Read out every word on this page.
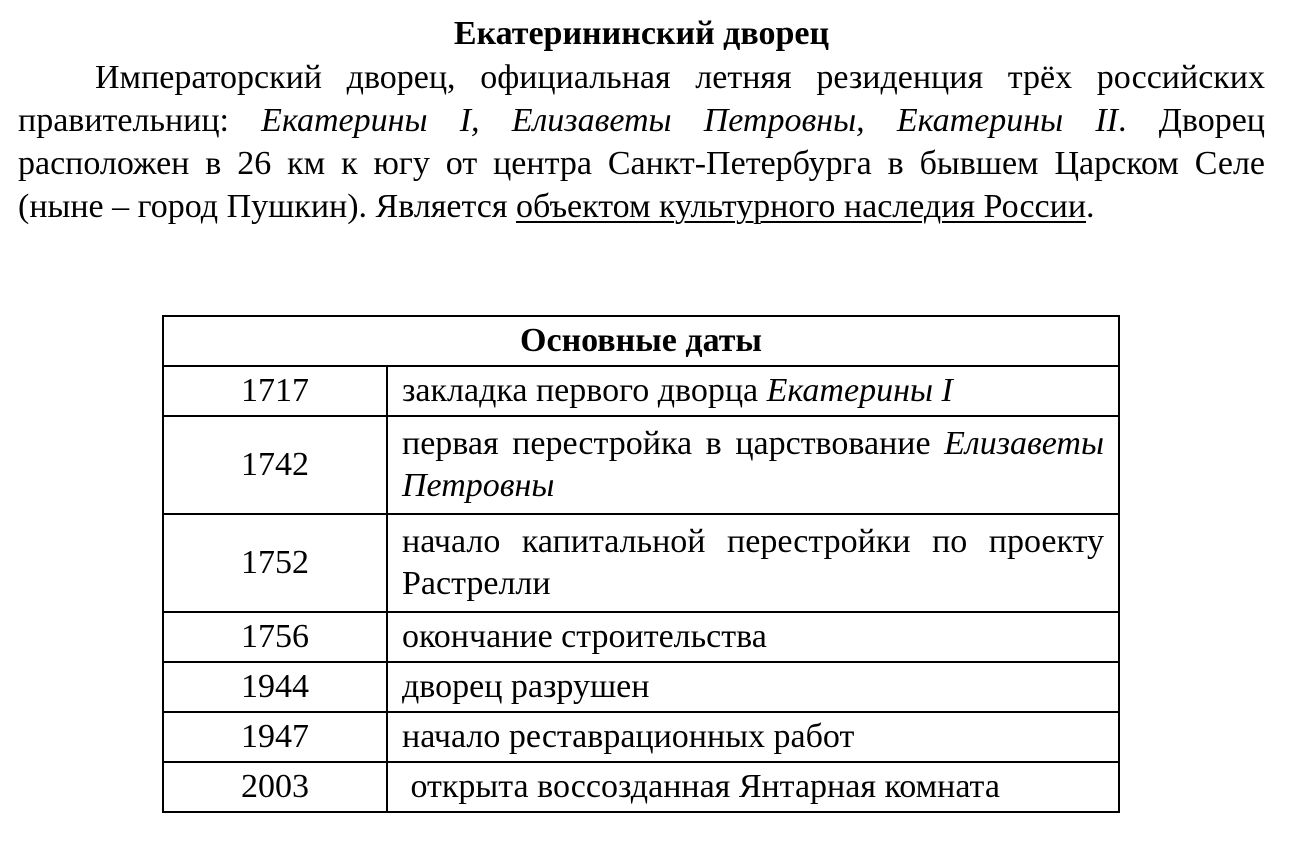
Екатерининский дворец

Императорский дворец, официальная летняя резиденция трёх российских правительниц: Екатерины I, Елизаветы Петровны, Екатерины II. Дворец расположен в 26 км к югу от центра Санкт-Петербурга в бывшем Царском Селе (ныне – город Пушкин). Является объектом культурного наследия России.

Основные даты	
1717	закладка первого дворца Екатерины I
1742	первая перестройка в царствование Елизаветы Петровны
1752	начало капитальной перестройки по проекту Растрелли
1756	окончание строительства
1944	дворец разрушен
1947	начало реставрационных работ
2003	открыта воссозданная Янтарная комната
